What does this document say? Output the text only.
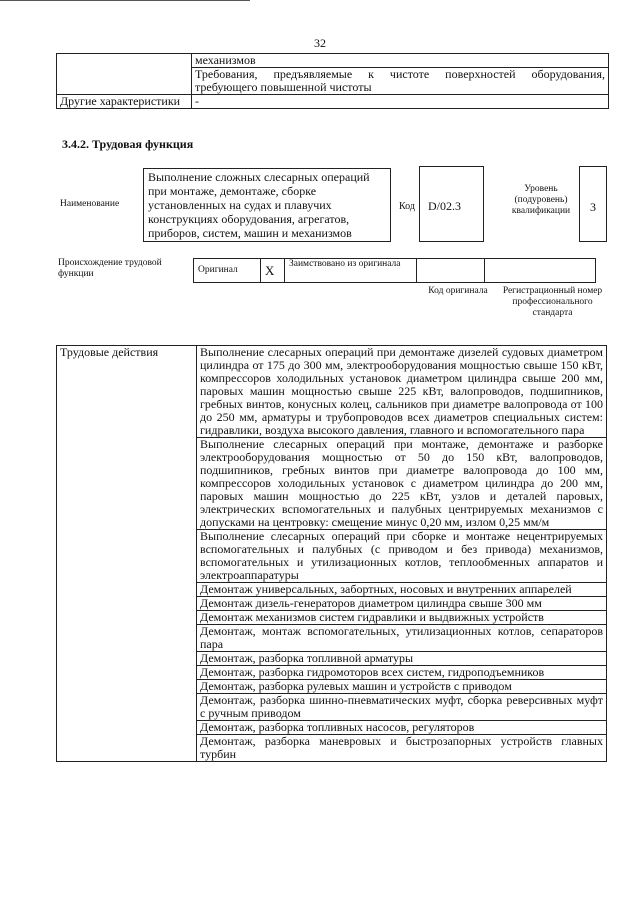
32
	механизмов
	Требования, предъявляемые к чистоте поверхностей оборудования, требующего повышенной чистоты
Другие характеристики	-
3.4.2. Трудовая функция
Наименование
Выполнение сложных слесарных операций при монтаже, демонтаже, сборке установленных на судах и плавучих конструкциях оборудования, агрегатов, приборов, систем, машин и механизмов
Код	D/02.3
Уровень (подуровень) квалификации	3
Происхождение трудовой функции	Оригинал	X	Заимствовано из оригинала		
Код оригинала	Регистрационный номер профессионального стандарта
Трудовые действия	Выполнение слесарных операций при демонтаже дизелей судовых диаметром цилиндра от 175 до 300 мм, электрооборудования мощностью свыше 150 кВт, компрессоров холодильных установок диаметром цилиндра свыше 200 мм, паровых машин мощностью свыше 225 кВт, валопроводов, подшипников, гребных винтов, конусных колец, сальников при диаметре валопровода от 100 до 250 мм, арматуры и трубопроводов всех диаметров специальных систем: гидравлики, воздуха высокого давления, главного и вспомогательного пара
Выполнение слесарных операций при монтаже, демонтаже и разборке электрооборудования мощностью от 50 до 150 кВт, валопроводов, подшипников, гребных винтов при диаметре валопровода до 100 мм, компрессоров холодильных установок с диаметром цилиндра до 200 мм, паровых машин мощностью до 225 кВт, узлов и деталей паровых, электрических вспомогательных и палубных центрируемых механизмов с допусками на центровку: смещение минус 0,20 мм, излом 0,25 мм/м
Выполнение слесарных операций при сборке и монтаже нецентрируемых вспомогательных и палубных (с приводом и без привода) механизмов, вспомогательных и утилизационных котлов, теплообменных аппаратов и электроаппаратуры
Демонтаж универсальных, забортных, носовых и внутренних аппарелей
Демонтаж дизель-генераторов диаметром цилиндра свыше 300 мм
Демонтаж механизмов систем гидравлики и выдвижных устройств
Демонтаж, монтаж вспомогательных, утилизационных котлов, сепараторов пара
Демонтаж, разборка топливной арматуры
Демонтаж, разборка гидромоторов всех систем, гидроподъемников
Демонтаж, разборка рулевых машин и устройств с приводом
Демонтаж, разборка шинно-пневматических муфт, сборка реверсивных муфт с ручным приводом
Демонтаж, разборка топливных насосов, регуляторов
Демонтаж, разборка маневровых и быстрозапорных устройств главных турбин
